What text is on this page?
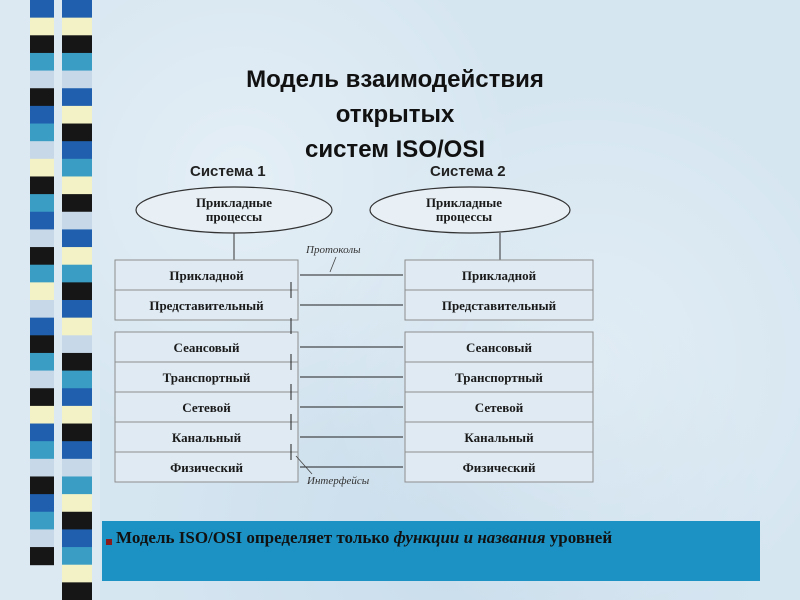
Модель взаимодействия
открытых
систем ISO/OSI
Система 1	Система 2
Прикладные
процессы
Прикладные
процессы
Протоколы
Прикладной
Представительный
Сеансовый
Транспортный
Сетевой
Канальный
Физический
Прикладной
Представительный
Сеансовый
Транспортный
Сетевой
Канальный
Физический
Интерфейсы
Модель ISO/OSI определяет только функции и названия уровней
